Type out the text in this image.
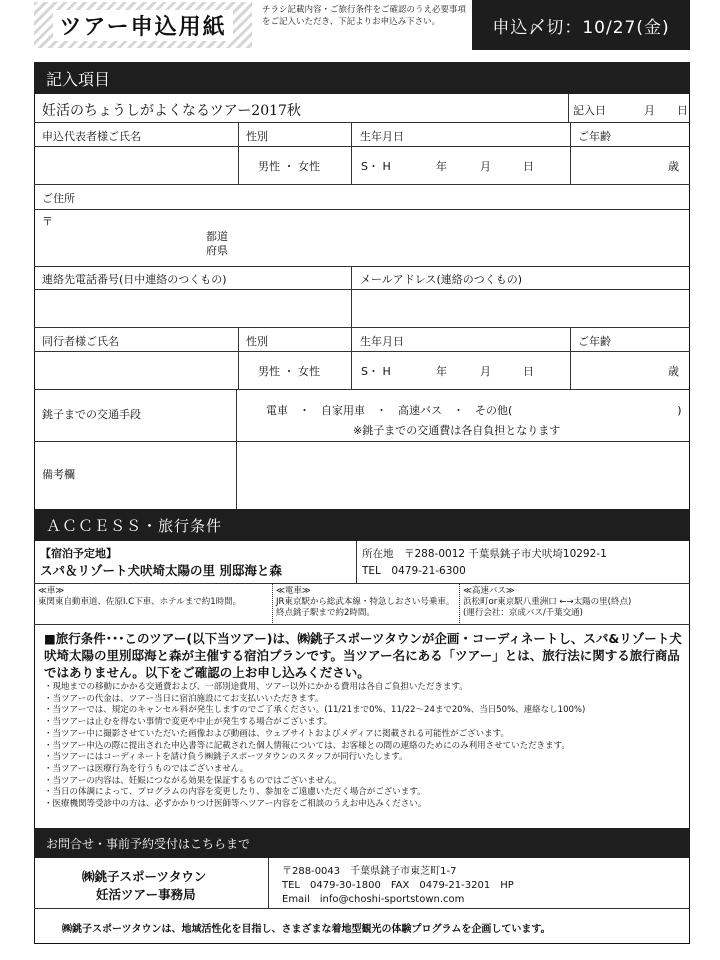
ツアー申込用紙
チラシ記載内容・ご旅行条件をご確認のうえ必要事項をご記入いただき、下記よりお申込み下さい。	申込〆切：10/27(金)
記入項目
妊活のちょうしがよくなるツアー2017秋	記入日	月 日
申込代表者様ご氏名	性別	生年月日	ご年齢
男性 ・ 女性	S・ H	年	月	日	歳
ご住所
〒
都道
府県
連絡先電話番号(日中連絡のつくもの)	メールアドレス(連絡のつくもの)
同行者様ご氏名	性別	生年月日	ご年齢
男性 ・ 女性	S・ H	年	月	日	歳
銚子までの交通手段	電車　・　自家用車　・　高速バス　・　その他(　　　　　　　　　　　　　　　)
※銚子までの交通費は各自負担となります
備考欄
ＡＣＣＥＳＳ・旅行条件
【宿泊予定地】
スパ＆リゾート犬吠埼太陽の里 別邸海と森
所在地　〒288-0012 千葉県銚子市犬吠埼10292-1
TEL　0479-21-6300
≪車≫
東関東自動車道、佐原I.C下車、ホテルまで約1時間。
≪電車≫
JR東京駅から総武本線・特急しおさい号乗車。終点銚子駅まで約2時間。
≪高速バス≫
浜松町or東京駅八重洲口 ←→太陽の里(終点)
(運行会社：京成バス/千葉交通)
■旅行条件･･･このツアー(以下当ツアー)は、㈱銚子スポーツタウンが企画・コーディネートし、スパ&リゾート犬吠埼太陽の里別邸海と森が主催する宿泊プランです。当ツアー名にある「ツアー」とは、旅行法に関する旅行商品ではありません。以下をご確認の上お申し込みください。
・ 現地までの移動にかかる交通費および、一部別途費用、ツアー以外にかかる費用は各自ご負担いただきます。
・ 当ツアーの代金は、ツアー当日に宿泊施設にてお支払いいただきます。
・ 当ツアーでは、規定のキャンセル料が発生しますのでご了承ください。(11/21まで0%、11/22～24まで20%、当日50%、連絡なし100%)
・ 当ツアーは止むを得ない事情で変更や中止が発生する場合がございます。
・ 当ツアー中に撮影させていただいた画像および動画は、ウェブサイトおよびメディアに掲載される可能性がございます。
・ 当ツアー申込の際に提出された申込書等に記載された個人情報については、お客様との間の連絡のためにのみ利用させていただきます。
・ 当ツアーにはコーディネートを請け負う㈱銚子スポーツタウンのスタッフが同行いたします。
・ 当ツアーは医療行為を行うものではございません。
・ 当ツアーの内容は、妊娠につながる効果を保証するものではございません。
・ 当日の体調によって、プログラムの内容を変更したり、参加をご遠慮いただく場合がございます。
・ 医療機関等受診中の方は、必ずかかりつけ医師等へツアー内容をご相談のうえお申込みください。
お問合せ・事前予約受付はこちらまで
㈱銚子スポーツタウン
妊活ツアー事務局
〒288-0043　千葉県銚子市東芝町1-7
TEL　0479-30-1800　FAX　0479-21-3201　HP
Email　info@choshi-sportstown.com
㈱銚子スポーツタウンは、地域活性化を目指し、さまざまな着地型観光の体験プログラムを企画しています。
